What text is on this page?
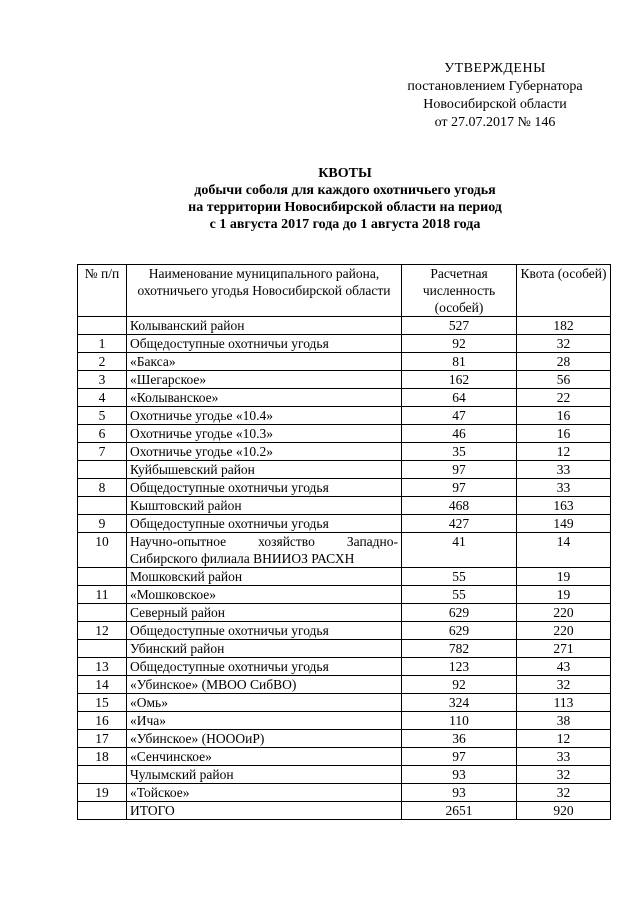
УТВЕРЖДЕНЫ
постановлением Губернатора
Новосибирской области
от 27.07.2017 № 146
КВОТЫ
добычи соболя для каждого охотничьего угодья
на территории Новосибирской области на период
с 1 августа 2017 года до 1 августа 2018 года
№ п/п	Наименование муниципального района, охотничьего угодья Новосибирской области	Расчетная численность (особей)	Квота (особей)
	Колыванский район	527	182
1	Общедоступные охотничьи угодья	92	32
2	«Бакса»	81	28
3	«Шегарское»	162	56
4	«Колыванское»	64	22
5	Охотничье угодье «10.4»	47	16
6	Охотничье угодье «10.3»	46	16
7	Охотничье угодье «10.2»	35	12
	Куйбышевский район	97	33
8	Общедоступные охотничьи угодья	97	33
	Кыштовский район	468	163
9	Общедоступные охотничьи угодья	427	149
10	Научно-опытное хозяйство Западно-Сибирского филиала ВНИИОЗ РАСХН	41	14
	Мошковский район	55	19
11	«Мошковское»	55	19
	Северный район	629	220
12	Общедоступные охотничьи угодья	629	220
	Убинский район	782	271
13	Общедоступные охотничьи угодья	123	43
14	«Убинское» (МВОО СибВО)	92	32
15	«Омь»	324	113
16	«Ича»	110	38
17	«Убинское» (НОООиР)	36	12
18	«Сенчинское»	97	33
	Чулымский район	93	32
19	«Тойское»	93	32
	ИТОГО	2651	920
